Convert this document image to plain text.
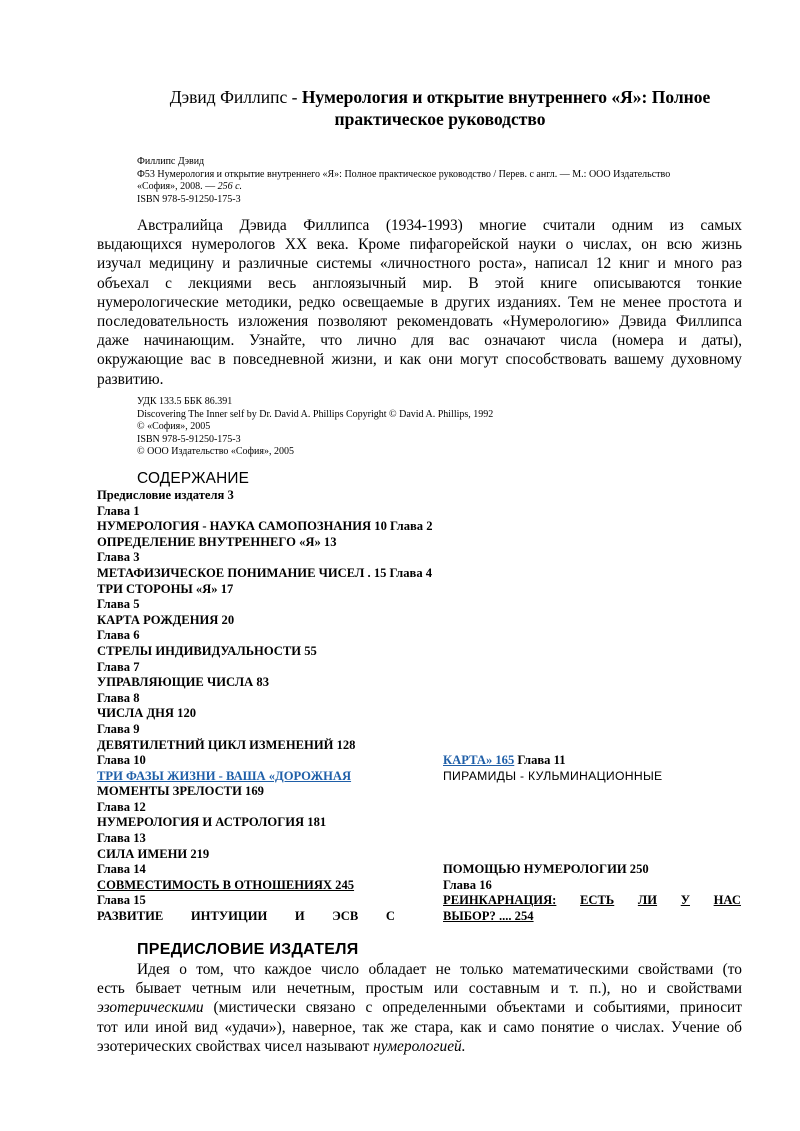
Дэвид Филлипс - Нумерология и открытие внутреннего «Я»: Полное
практическое руководство
Филлипс Дэвид
Ф53 Нумерология и открытие внутреннего «Я»: Полное практическое руководство / Перев. с англ. — М.: ООО Издательство
«София», 2008. — 256 с.
ISBN 978-5-91250-175-3
Австралийца Дэвида Филлипса (1934-1993) многие считали одним из самых
выдающихся нумерологов XX века. Кроме пифагорейской науки о числах, он всю жизнь
изучал медицину и различные системы «личностного роста», написал 12 книг и много раз
объехал с лекциями весь англоязычный мир. В этой книге описываются тонкие
нумерологические методики, редко освещаемые в других изданиях. Тем не менее простота и
последовательность изложения позволяют рекомендовать «Нумерологию» Дэвида Филлипса
даже начинающим. Узнайте, что лично для вас означают числа (номера и даты),
окружающие вас в повседневной жизни, и как они могут способствовать вашему духовному
развитию.
УДК 133.5 ББК 86.391
Discovering The Inner self by Dr. David A. Phillips Copyright © David A. Phillips, 1992
© «София», 2005
ISBN 978-5-91250-175-3
© ООО Издательство «София», 2005
СОДЕРЖАНИЕ
Предисловие издателя 3
Глава 1
НУМЕРОЛОГИЯ - НАУКА САМОПОЗНАНИЯ 10 Глава 2
ОПРЕДЕЛЕНИЕ ВНУТРЕННЕГО «Я» 13
Глава 3
МЕТАФИЗИЧЕСКОЕ ПОНИМАНИЕ ЧИСЕЛ . 15 Глава 4
ТРИ СТОРОНЫ «Я» 17
Глава 5
КАРТА РОЖДЕНИЯ 20
Глава 6
СТРЕЛЫ ИНДИВИДУАЛЬНОСТИ 55
Глава 7
УПРАВЛЯЮЩИЕ ЧИСЛА 83
Глава 8
ЧИСЛА ДНЯ 120
Глава 9
ДЕВЯТИЛЕТНИЙ ЦИКЛ ИЗМЕНЕНИЙ 128
Глава 10
ТРИ ФАЗЫ ЖИЗНИ - ВАША «ДОРОЖНАЯ
МОМЕНТЫ ЗРЕЛОСТИ 169
Глава 12
НУМЕРОЛОГИЯ И АСТРОЛОГИЯ 181
Глава 13
СИЛА ИМЕНИ 219
Глава 14
СОВМЕСТИМОСТЬ В ОТНОШЕНИЯХ 245
Глава 15
РАЗВИТИЕ ИНТУИЦИИ И ЭСВ С
КАРТА» 165 Глава 11
ПИРАМИДЫ - КУЛЬМИНАЦИОННЫЕ
ПОМОЩЬЮ НУМЕРОЛОГИИ 250
Глава 16
РЕИНКАРНАЦИЯ: ЕСТЬ ЛИ У НАС
ВЫБОР? .... 254
ПРЕДИСЛОВИЕ ИЗДАТЕЛЯ
Идея о том, что каждое число обладает не только математическими свойствами (то
есть бывает четным или нечетным, простым или составным и т. п.), но и свойствами
эзотерическими (мистически связано с определенными объектами и событиями, приносит
тот или иной вид «удачи»), наверное, так же стара, как и само понятие о числах. Учение об
эзотерических свойствах чисел называют нумерологией.
